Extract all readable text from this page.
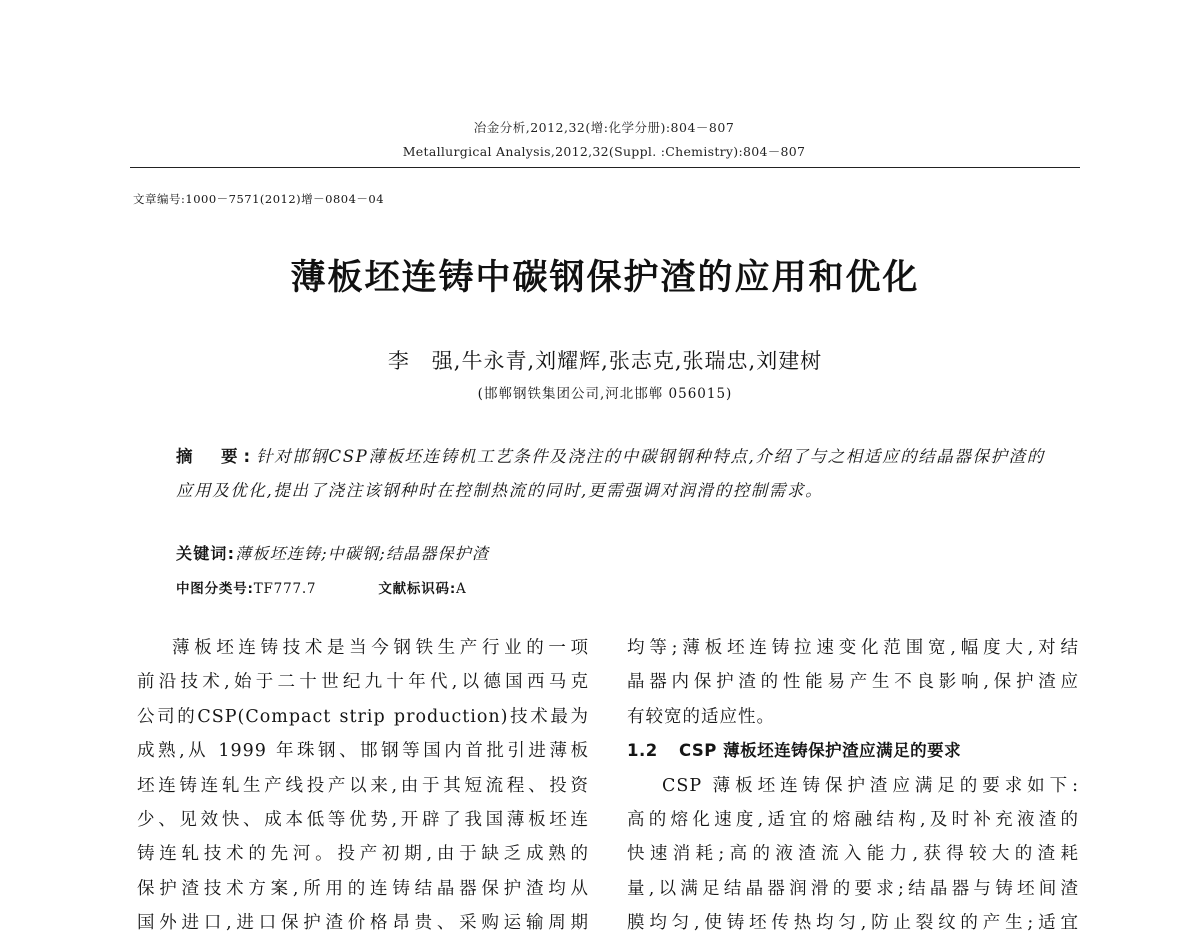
冶金分析,2012,32(增:化学分册):804－807
Metallurgical Analysis,2012,32(Suppl. :Chemistry):804－807
文章编号:1000－7571(2012)增－0804－04
薄板坯连铸中碳钢保护渣的应用和优化
李　强,牛永青,刘耀辉,张志克,张瑞忠,刘建树
(邯郸钢铁集团公司,河北邯郸 056015)
摘　要:针对邯钢CSP薄板坯连铸机工艺条件及浇注的中碳钢钢种特点,介绍了与之相适应的结晶器保护渣的应用及优化,提出了浇注该钢种时在控制热流的同时,更需强调对润滑的控制需求。
关键词:薄板坯连铸;中碳钢;结晶器保护渣
中图分类号:TF777.7	文献标识码:A

薄板坯连铸技术是当今钢铁生产行业的一项

前沿技术,始于二十世纪九十年代,以德国西马克

公司的CSP(Compact strip production)技术最为

成熟,从 1999 年珠钢、邯钢等国内首批引进薄板

坯连铸连轧生产线投产以来,由于其短流程、投资

少、见效快、成本低等优势,开辟了我国薄板坯连

铸连轧技术的先河。投产初期,由于缺乏成熟的

保护渣技术方案,所用的连铸结晶器保护渣均从

国外进口,进口保护渣价格昂贵、采购运输周期

均等;薄板坯连铸拉速变化范围宽,幅度大,对结

晶器内保护渣的性能易产生不良影响,保护渣应

有较宽的适应性。

1.2 CSP 薄板坯连铸保护渣应满足的要求

CSP 薄板坯连铸保护渣应满足的要求如下:

高的熔化速度,适宜的熔融结构,及时补充液渣的

快速消耗;高的液渣流入能力,获得较大的渣耗

量,以满足结晶器润滑的要求;结晶器与铸坯间渣

膜均匀,使铸坯传热均匀,防止裂纹的产生;适宜
